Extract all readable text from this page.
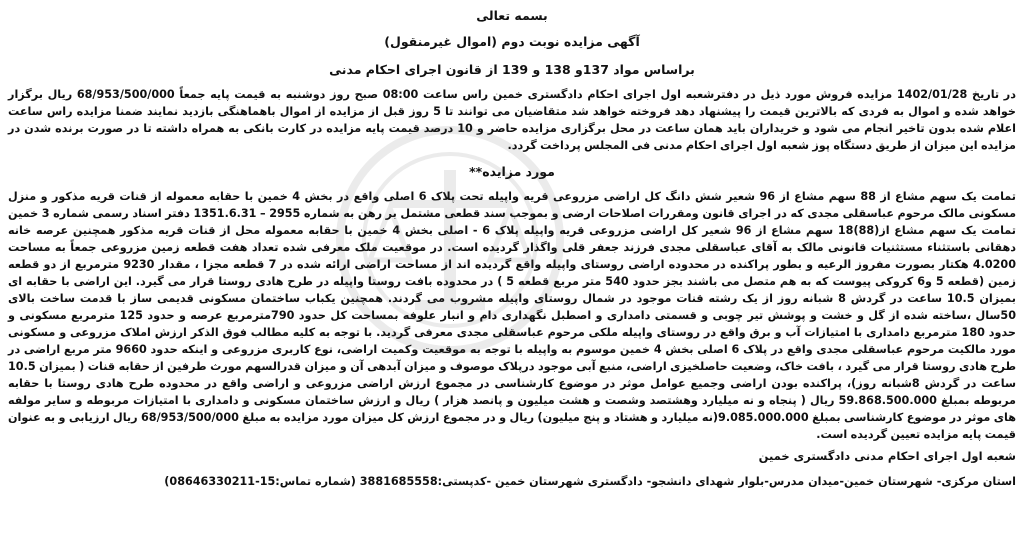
بسمه تعالی

آگهی مزایده نوبت دوم (اموال غیرمنقول)

براساس مواد 137و 138 و 139 از قانون اجرای احکام مدنی

در تاریخ 1402/01/28 مزایده فروش مورد ذیل در دفترشعبه اول اجرای احکام دادگستری خمین راس ساعت 08:00 صبح روز دوشنبه به قیمت پایه جمعاً 68/953/500/000 ریال برگزار خواهد شده و اموال به فردی که بالاترین قیمت را پیشنهاد دهد فروخته خواهد شد متقاضیان می توانند تا 5 روز قبل از مزایده از اموال باهماهنگی بازدید نمایند ضمنا مزایده راس ساعت اعلام شده بدون تاخیر انجام می شود و خریداران باید همان ساعت در محل برگزاری مزایده حاضر و 10 درصد قیمت پایه مزایده در کارت بانکی به همراه داشته تا در صورت برنده شدن در مزایده این میزان از طریق دستگاه پوز شعبه اول اجرای احکام مدنی فی المجلس پرداخت گردد.

مورد مزایده**

تمامت یک سهم مشاع از 88 سهم مشاع از 96 شعیر شش دانگ کل اراضی مزروعی قریه واپیله تحت پلاک 6 اصلی واقع در بخش 4 خمین با حقابه معموله از قنات قریه مذکور و منزل مسکونی مالک مرحوم عباسقلی مجدی که در اجرای قانون ومقررات اصلاحات ارضی و بموجب سند قطعی مشتمل بر رهن به شماره 2955 – 1351.6.31 دفتر اسناد رسمی شماره 3 خمین تمامت یک سهم مشاع از(88)18 سهم مشاع از 96 شعیر کل اراضی مزروعی قریه واپیله پلاک 6 - اصلی بخش 4 خمین با حقابه معموله محل از قنات قریه مذکور همچنین عرصه خانه دهقانی باستثناء مستثنیات قانونی مالک به آقای عباسقلی مجدی فرزند جعفر قلی واگذار گردیده است. در موقعیت ملک معرفی شده تعداد هفت قطعه زمین مزروعی جمعاً به مساحت 4.0200 هکتار بصورت مفروز الرعیه و بطور پراکنده در محدوده اراضی روستای واپیله واقع گردیده اند از مساحت اراضی ارائه شده در 7 قطعه مجزا ، مقدار 9230 مترمربع از دو قطعه زمین (قطعه 5 و6 کروکی پیوست که به هم متصل می باشند بجز حدود 540 متر مربع قطعه 5 ) در محدوده بافت روستا واپیله در طرح هادی روستا قرار می گیرد. این اراضی با حقابه ای بمیزان 10.5 ساعت در گردش 8 شبانه روز از یک رشته قنات موجود در شمال روستای واپیله مشروب می گردند. همچنین یکباب ساختمان مسکونی قدیمی ساز با قدمت ساخت بالای 50سال ،ساخته شده از گل و خشت و پوشش تیر چوبی و قسمتی دامداری و اصطبل نگهداری دام و انبار علوفه بمساحت کل حدود 790مترمربع عرصه و حدود 125 مترمربع مسکونی و حدود 180 مترمربع دامداری با امتیازات آب و برق واقع در روستای واپیله ملکی مرحوم عباسقلی مجدی معرفی گردید. با توجه به کلیه مطالب فوق الذکر ارزش املاک مزروعی و مسکونی مورد مالکیت مرحوم عباسقلی مجدی واقع در پلاک 6 اصلی بخش 4 خمین موسوم به واپیله با توجه به موقعیت وکمیت اراضی، نوع کاربری مزروعی و اینکه حدود 9660 متر مربع اراضی در طرح هادی روستا قرار می گیرد ، بافت خاک، وضعیت حاصلخیزی اراضی، منبع آبی موجود درپلاک موصوف و میزان آبدهی آن و میزان قدرالسهم مورث طرفین از حقابه قنات ( بمیزان 10.5 ساعت در گردش 8شبانه روز)، پراکنده بودن اراضی وجمیع عوامل موثر در موضوع کارشناسی در مجموع ارزش اراضی مزروعی و اراضی واقع در محدوده طرح هادی روستا با حقابه مربوطه بمبلغ 59.868.500.000 ریال ( پنجاه و نه میلیارد وهشتصد وشصت و هشت میلیون و پانصد هزار ) ریال و ارزش ساختمان مسکونی و دامداری با امتیازات مربوطه و سایر مولفه های موثر در موضوع کارشناسی بمبلغ 9.085.000.000(نه میلیارد و هشتاد و پنج میلیون) ریال و در مجموع ارزش کل میزان مورد مزایده به مبلغ 68/953/500/000 ریال ارزیابی و به عنوان قیمت پایه مزایده تعیین گردیده است.

شعبه اول اجرای احکام مدنی دادگستری خمین

استان مرکزی- شهرستان خمین-میدان مدرس-بلوار شهدای دانشجو- دادگستری شهرستان خمین -کدپستی:3881685558 (شماره تماس:15-08646330211)
